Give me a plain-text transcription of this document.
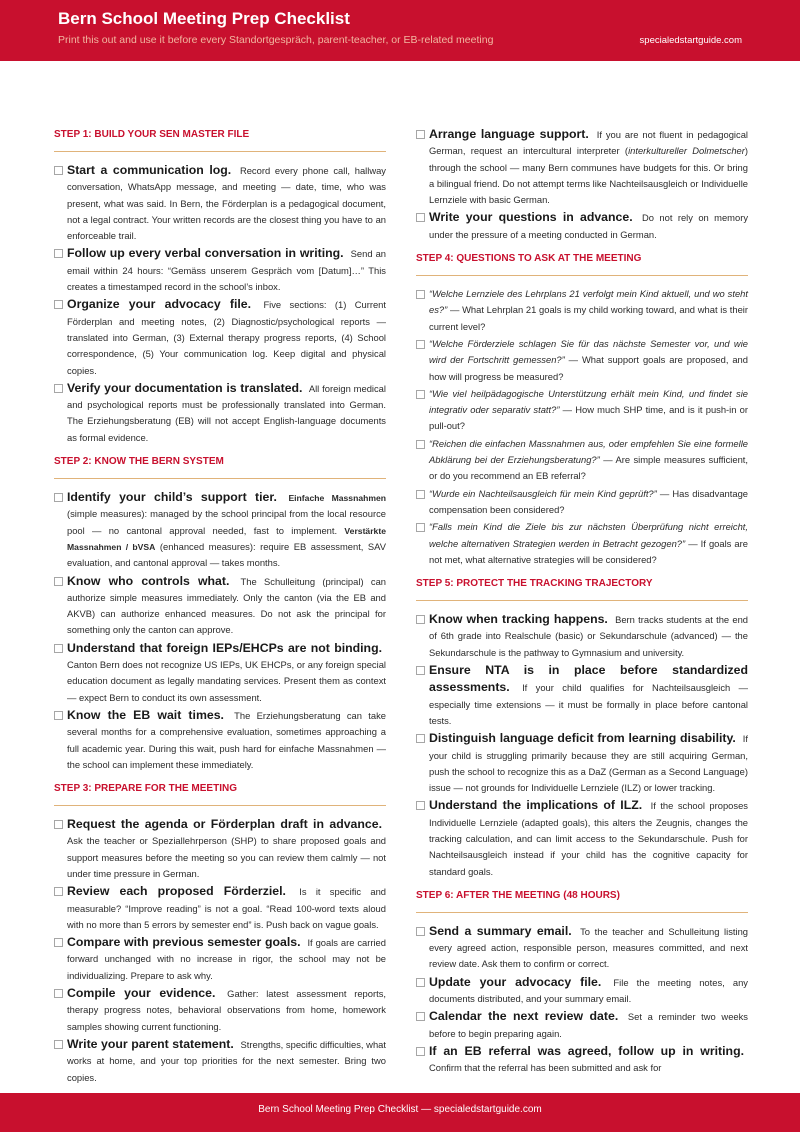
Bern School Meeting Prep Checklist
Print this out and use it before every Standortgespräch, parent-teacher, or EB-related meeting	specialedstartguide.com
STEP 1: BUILD YOUR SEN MASTER FILE
Start a communication log. Record every phone call, hallway conversation, WhatsApp message, and meeting — date, time, who was present, what was said. In Bern, the Förderplan is a pedagogical document, not a legal contract. Your written records are the closest thing you have to an enforceable trail.
Follow up every verbal conversation in writing. Send an email within 24 hours: “Gemäss unserem Gespräch vom [Datum]…” This creates a timestamped record in the school’s inbox.
Organize your advocacy file. Five sections: (1) Current Förderplan and meeting notes, (2) Diagnostic/psychological reports — translated into German, (3) External therapy progress reports, (4) School correspondence, (5) Your communication log. Keep digital and physical copies.
Verify your documentation is translated. All foreign medical and psychological reports must be professionally translated into German. The Erziehungsberatung (EB) will not accept English-language documents as formal evidence.
STEP 2: KNOW THE BERN SYSTEM
Identify your child’s support tier. Einfache Massnahmen (simple measures): managed by the school principal from the local resource pool — no cantonal approval needed, fast to implement. Verstärkte Massnahmen / bVSA (enhanced measures): require EB assessment, SAV evaluation, and cantonal approval — takes months.
Know who controls what. The Schulleitung (principal) can authorize simple measures immediately. Only the canton (via the EB and AKVB) can authorize enhanced measures. Do not ask the principal for something only the canton can approve.
Understand that foreign IEPs/EHCPs are not binding. Canton Bern does not recognize US IEPs, UK EHCPs, or any foreign special education document as legally mandating services. Present them as context — expect Bern to conduct its own assessment.
Know the EB wait times. The Erziehungsberatung can take several months for a comprehensive evaluation, sometimes approaching a full academic year. During this wait, push hard for einfache Massnahmen — the school can implement these immediately.
STEP 3: PREPARE FOR THE MEETING
Request the agenda or Förderplan draft in advance. Ask the teacher or Speziallehrperson (SHP) to share proposed goals and support measures before the meeting so you can review them calmly — not under time pressure in German.
Review each proposed Förderziel. Is it specific and measurable? “Improve reading” is not a goal. “Read 100-word texts aloud with no more than 5 errors by semester end” is. Push back on vague goals.
Compare with previous semester goals. If goals are carried forward unchanged with no increase in rigor, the school may not be individualizing. Prepare to ask why.
Compile your evidence. Gather: latest assessment reports, therapy progress notes, behavioral observations from home, homework samples showing current functioning.
Write your parent statement. Strengths, specific difficulties, what works at home, and your top priorities for the next semester. Bring two copies.
Arrange language support. If you are not fluent in pedagogical German, request an intercultural interpreter (interkultureller Dolmetscher) through the school — many Bern communes have budgets for this. Or bring a bilingual friend. Do not attempt terms like Nachteilsausgleich or Individuelle Lernziele with basic German.
Write your questions in advance. Do not rely on memory under the pressure of a meeting conducted in German.
STEP 4: QUESTIONS TO ASK AT THE MEETING
“Welche Lernziele des Lehrplans 21 verfolgt mein Kind aktuell, und wo steht es?” — What Lehrplan 21 goals is my child working toward, and what is their current level?
“Welche Förderziele schlagen Sie für das nächste Semester vor, und wie wird der Fortschritt gemessen?” — What support goals are proposed, and how will progress be measured?
“Wie viel heilpädagogische Unterstützung erhält mein Kind, und findet sie integrativ oder separativ statt?” — How much SHP time, and is it push-in or pull-out?
“Reichen die einfachen Massnahmen aus, oder empfehlen Sie eine formelle Abklärung bei der Erziehungsberatung?” — Are simple measures sufficient, or do you recommend an EB referral?
“Wurde ein Nachteilsausgleich für mein Kind geprüft?” — Has disadvantage compensation been considered?
“Falls mein Kind die Ziele bis zur nächsten Überprüfung nicht erreicht, welche alternativen Strategien werden in Betracht gezogen?” — If goals are not met, what alternative strategies will be considered?
STEP 5: PROTECT THE TRACKING TRAJECTORY
Know when tracking happens. Bern tracks students at the end of 6th grade into Realschule (basic) or Sekundarschule (advanced) — the Sekundarschule is the pathway to Gymnasium and university.
Ensure NTA is in place before standardized assessments. If your child qualifies for Nachteilsausgleich — especially time extensions — it must be formally in place before cantonal tests.
Distinguish language deficit from learning disability. If your child is struggling primarily because they are still acquiring German, push the school to recognize this as a DaZ (German as a Second Language) issue — not grounds for Individuelle Lernziele (ILZ) or lower tracking.
Understand the implications of ILZ. If the school proposes Individuelle Lernziele (adapted goals), this alters the Zeugnis, changes the tracking calculation, and can limit access to the Sekundarschule. Push for Nachteilsausgleich instead if your child has the cognitive capacity for standard goals.
STEP 6: AFTER THE MEETING (48 HOURS)
Send a summary email. To the teacher and Schulleitung listing every agreed action, responsible person, measures committed, and next review date. Ask them to confirm or correct.
Update your advocacy file. File the meeting notes, any documents distributed, and your summary email.
Calendar the next review date. Set a reminder two weeks before to begin preparing again.
If an EB referral was agreed, follow up in writing. Confirm that the referral has been submitted and ask for
Bern School Meeting Prep Checklist — specialedstartguide.com
